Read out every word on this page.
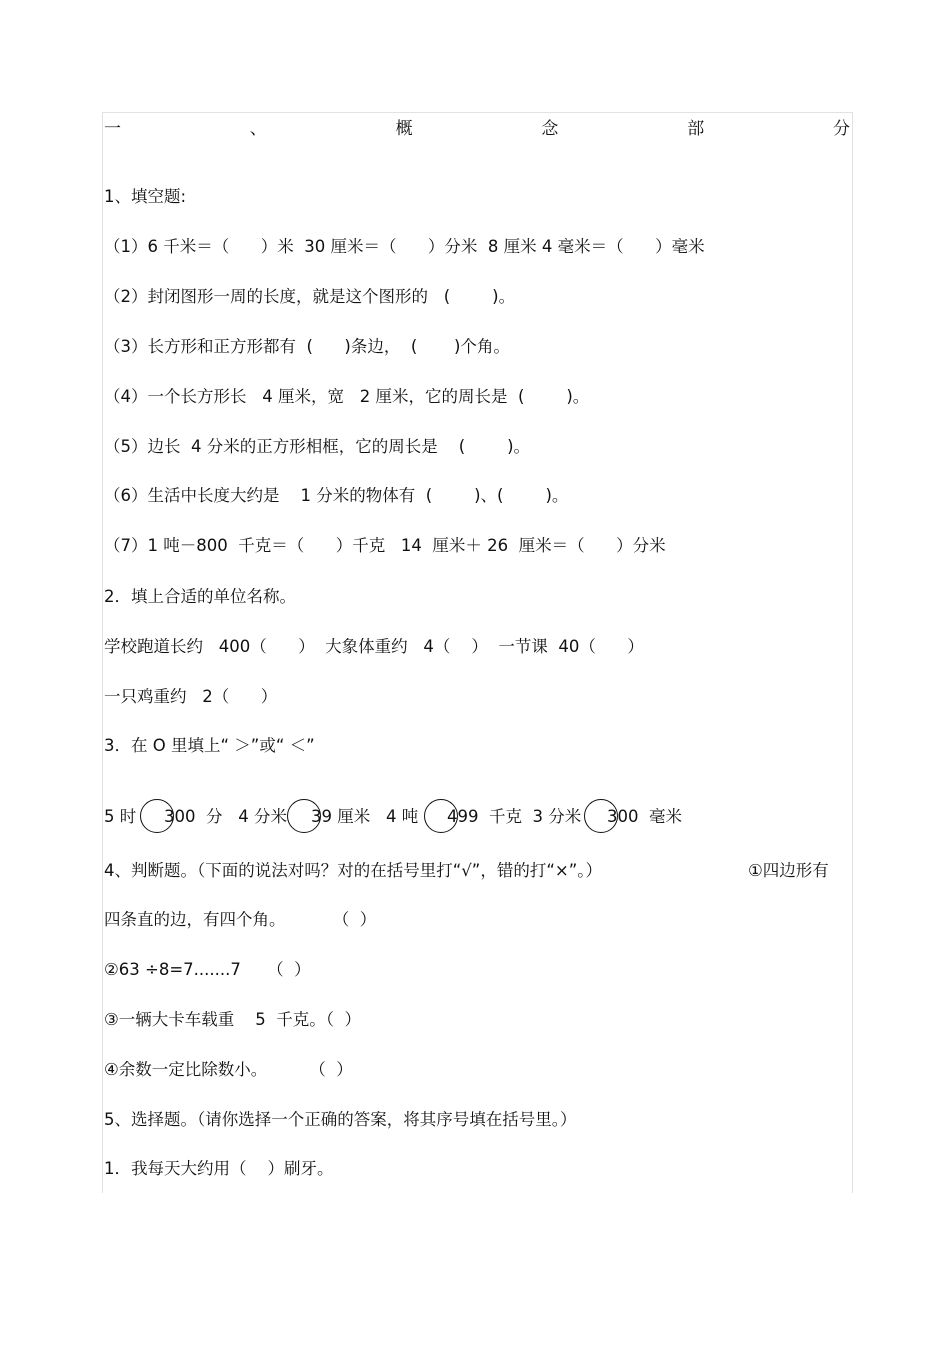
一	、	概	念	部	分
1、填空题:
（1）6 千米＝（      ）米  30 厘米＝（      ）分米  8 厘米 4 毫米＝（      ）毫米
（2）封闭图形一周的长度，就是这个图形的   (        )。
（3）长方形和正方形都有  (      )条边，  (       )个角。
（4）一个长方形长   4 厘米，宽   2 厘米，它的周长是  (        )。
（5）边长  4 分米的正方形相框，它的周长是    (        )。
（6）生活中长度大约是    1 分米的物体有  (        )、(        )。
（7）1 吨－800  千克＝（      ）千克   14  厘米＋ 26  厘米＝（      ）分米
2．填上合适的单位名称。
学校跑道长约   400（      ）  大象体重约   4（    ）  一节课  40（      ）
一只鸡重约   2（      ）
3．在 O 里填上“ ＞”或“ ＜”
5 时 300  分   4 分米 39 厘米   4 吨 499  千克  3 分米 300  毫米
4、判断题。（下面的说法对吗？对的在括号里打“√”，错的打“×”。）	①四边形有
四条直的边，有四个角。         （  ）
②63 ÷8=7.......7     （  ）
③一辆大卡车载重    5  千克。（  ）
④余数一定比除数小。        （  ）
5、选择题。（请你选择一个正确的答案，将其序号填在括号里。）
1．我每天大约用（    ）刷牙。
